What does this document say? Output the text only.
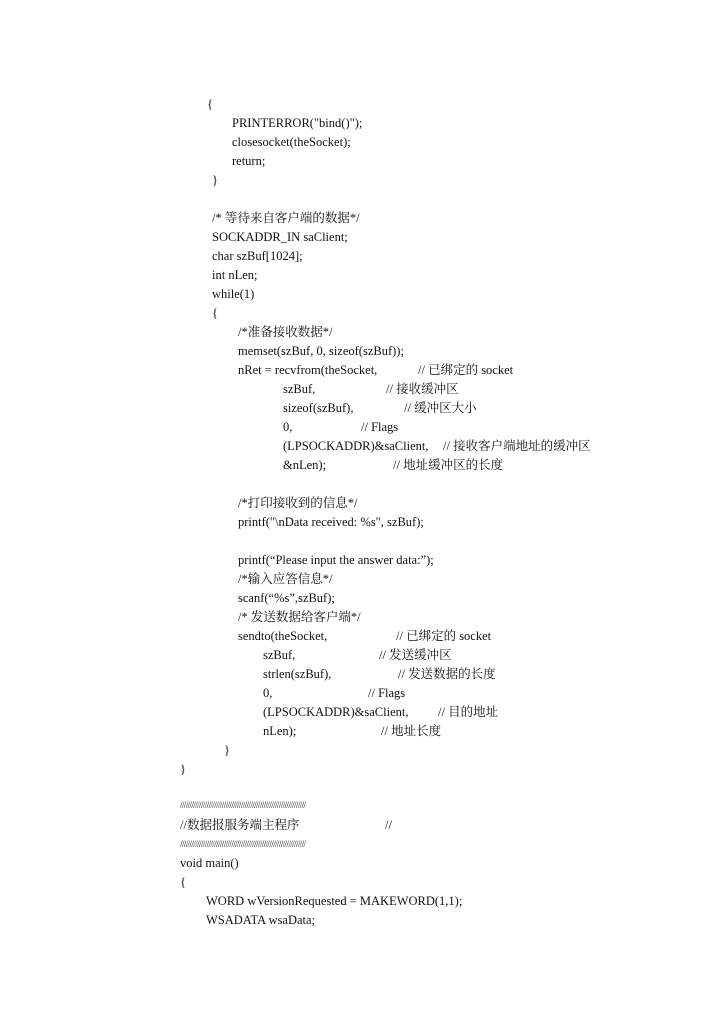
{

PRINTERROR("bind()");

closesocket(theSocket);

return;

}

/* 等待来自客户端的数据*/

SOCKADDR_IN saClient;

char szBuf[1024];

int nLen;

while(1)

{

/*准备接收数据*/

memset(szBuf, 0, sizeof(szBuf));

nRet = recvfrom(theSocket,	// 已绑定的 socket

szBuf,	// 接收缓冲区

sizeof(szBuf),	// 缓冲区大小

0,	// Flags

(LPSOCKADDR)&saClient, // 接收客户端地址的缓冲区

&nLen);	// 地址缓冲区的长度

/*打印接收到的信息*/

printf("\nData received: %s", szBuf);

printf(“Please input the answer data:”);

/*输入应答信息*/

scanf(“%s”,szBuf);

/* 发送数据给客户端*/

sendto(theSocket,	// 已绑定的 socket

szBuf,	// 发送缓冲区

strlen(szBuf),	// 发送数据的长度

0,	// Flags

(LPSOCKADDR)&saClient, // 目的地址

nLen);	// 地址长度

}

}

//////////////////////////////////////////////////////////////////

//数据报服务端主程序	//

//////////////////////////////////////////////////////////////////

void main()

{

WORD wVersionRequested = MAKEWORD(1,1);

WSADATA wsaData;
